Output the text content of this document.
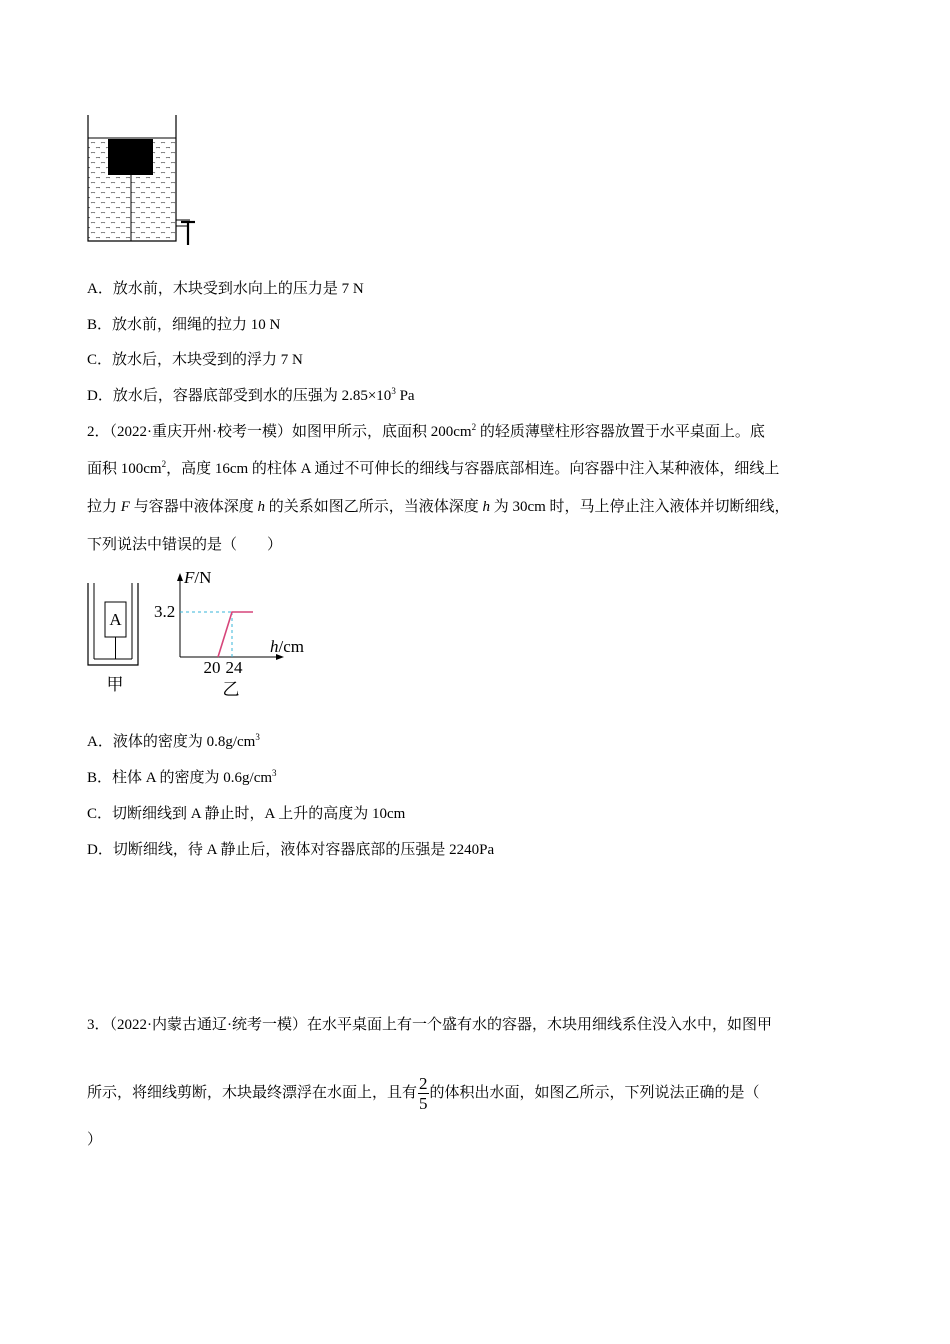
A．放水前，木块受到水向上的压力是 7 N
B．放水前，细绳的拉力 10 N
C．放水后，木块受到的浮力 7 N
D．放水后，容器底部受到水的压强为 $2.85\times 10^3$ Pa
2．（2022·重庆开州·校考一模）如图甲所示，底面积 $200cm^2$ 的轻质薄壁柱形容器放置于水平桌面上。底
面积 $100cm^2$，高度 16cm 的柱体 A 通过不可伸长的细线与容器底部相连。向容器中注入某种液体，细线上
拉力 F 与容器中液体深度 h 的关系如图乙所示，当液体深度 h 为 30cm 时，马上停止注入液体并切断细线，
下列说法中错误的是（　　）
A
甲
F/N
h/cm
3.2
20 24
乙
A．液体的密度为 $0.8g/cm^3$
B．柱体 A 的密度为 $0.6g/cm^3$
C．切断细线到 A 静止时，A 上升的高度为 10cm
D．切断细线，待 A 静止后，液体对容器底部的压强是 2240Pa
3．（2022·内蒙古通辽·统考一模）在水平桌面上有一个盛有水的容器，木块用细线系住没入水中，如图甲
所示，将细线剪断，木块最终漂浮在水面上，且有 $\frac{2}{5}$ 的体积出水面，如图乙所示，下列说法正确的是（
）
